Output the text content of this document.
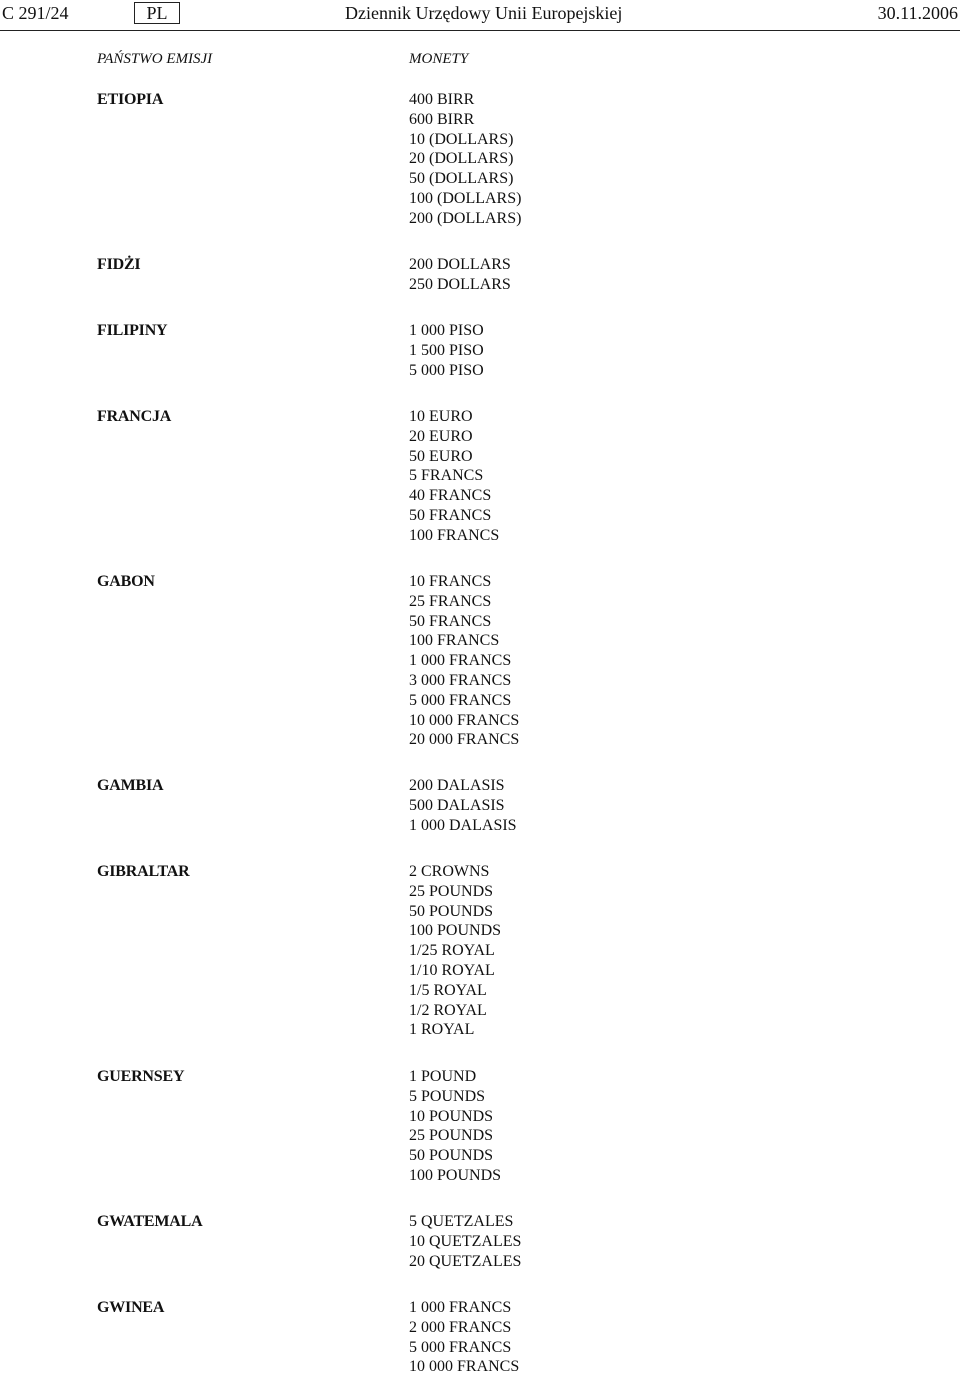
C 291/24	PL	Dziennik Urzędowy Unii Europejskiej	30.11.2006
PAŃSTWO EMISJI	MONETY
ETIOPIA	400 BIRR
600 BIRR
10 (DOLLARS)
20 (DOLLARS)
50 (DOLLARS)
100 (DOLLARS)
200 (DOLLARS)
FIDŻI	200 DOLLARS
250 DOLLARS
FILIPINY	1 000 PISO
1 500 PISO
5 000 PISO
FRANCJA	10 EURO
20 EURO
50 EURO
5 FRANCS
40 FRANCS
50 FRANCS
100 FRANCS
GABON	10 FRANCS
25 FRANCS
50 FRANCS
100 FRANCS
1 000 FRANCS
3 000 FRANCS
5 000 FRANCS
10 000 FRANCS
20 000 FRANCS
GAMBIA	200 DALASIS
500 DALASIS
1 000 DALASIS
GIBRALTAR	2 CROWNS
25 POUNDS
50 POUNDS
100 POUNDS
1/25 ROYAL
1/10 ROYAL
1/5 ROYAL
1/2 ROYAL
1 ROYAL
GUERNSEY	1 POUND
5 POUNDS
10 POUNDS
25 POUNDS
50 POUNDS
100 POUNDS
GWATEMALA	5 QUETZALES
10 QUETZALES
20 QUETZALES
GWINEA	1 000 FRANCS
2 000 FRANCS
5 000 FRANCS
10 000 FRANCS
